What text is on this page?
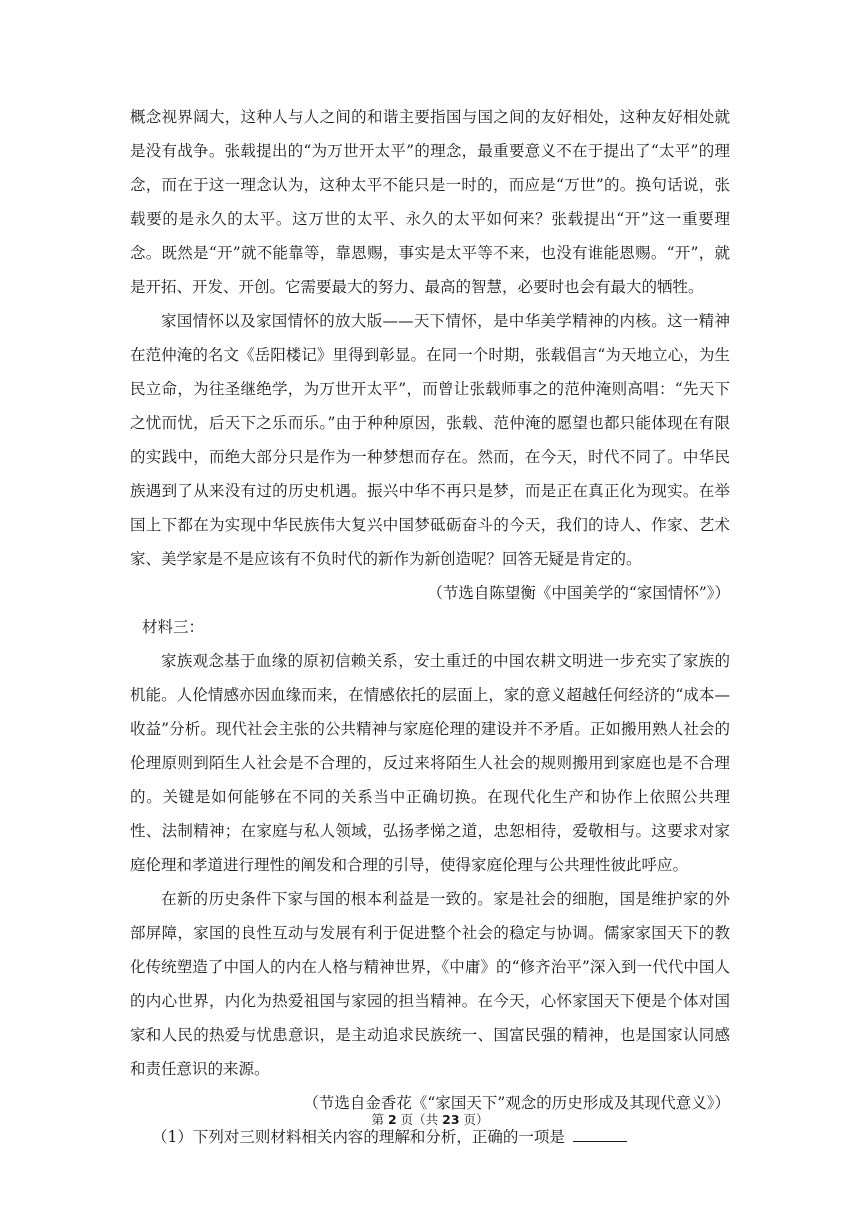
概念视界阔大，这种人与人之间的和谐主要指国与国之间的友好相处，这种友好相处就是没有战争。张载提出的“为万世开太平”的理念，最重要意义不在于提出了“太平”的理念，而在于这一理念认为，这种太平不能只是一时的，而应是“万世”的。换句话说，张载要的是永久的太平。这万世的太平、永久的太平如何来？张载提出“开”这一重要理念。既然是“开”就不能靠等，靠恩赐，事实是太平等不来，也没有谁能恩赐。“开”，就是开拓、开发、开创。它需要最大的努力、最高的智慧，必要时也会有最大的牺牲。

家国情怀以及家国情怀的放大版——天下情怀，是中华美学精神的内核。这一精神在范仲淹的名文《岳阳楼记》里得到彰显。在同一个时期，张载倡言“为天地立心，为生民立命，为往圣继绝学，为万世开太平”，而曾让张载师事之的范仲淹则高唱：“先天下之忧而忧，后天下之乐而乐。”由于种种原因，张载、范仲淹的愿望也都只能体现在有限的实践中，而绝大部分只是作为一种梦想而存在。然而，在今天，时代不同了。中华民族遇到了从来没有过的历史机遇。振兴中华不再只是梦，而是正在真正化为现实。在举国上下都在为实现中华民族伟大复兴中国梦砥砺奋斗的今天，我们的诗人、作家、艺术家、美学家是不是应该有不负时代的新作为新创造呢？回答无疑是肯定的。

（节选自陈望衡《中国美学的“家国情怀”》）

材料三：

家族观念基于血缘的原初信赖关系，安土重迁的中国农耕文明进一步充实了家族的机能。人伦情感亦因血缘而来，在情感依托的层面上，家的意义超越任何经济的“成本—收益”分析。现代社会主张的公共精神与家庭伦理的建设并不矛盾。正如搬用熟人社会的伦理原则到陌生人社会是不合理的，反过来将陌生人社会的规则搬用到家庭也是不合理的。关键是如何能够在不同的关系当中正确切换。在现代化生产和协作上依照公共理性、法制精神；在家庭与私人领域，弘扬孝悌之道，忠恕相待，爱敬相与。这要求对家庭伦理和孝道进行理性的阐发和合理的引导，使得家庭伦理与公共理性彼此呼应。

在新的历史条件下家与国的根本利益是一致的。家是社会的细胞，国是维护家的外部屏障，家国的良性互动与发展有利于促进整个社会的稳定与协调。儒家家国天下的教化传统塑造了中国人的内在人格与精神世界，《中庸》的“修齐治平”深入到一代代中国人的内心世界，内化为热爱祖国与家园的担当精神。在今天，心怀家国天下便是个体对国家和人民的热爱与忧患意识，是主动追求民族统一、国富民强的精神，也是国家认同感和责任意识的来源。

（节选自金香花《“家国天下”观念的历史形成及其现代意义》）

（1）下列对三则材料相关内容的理解和分析，正确的一项是

第 2 页（共 23 页）
